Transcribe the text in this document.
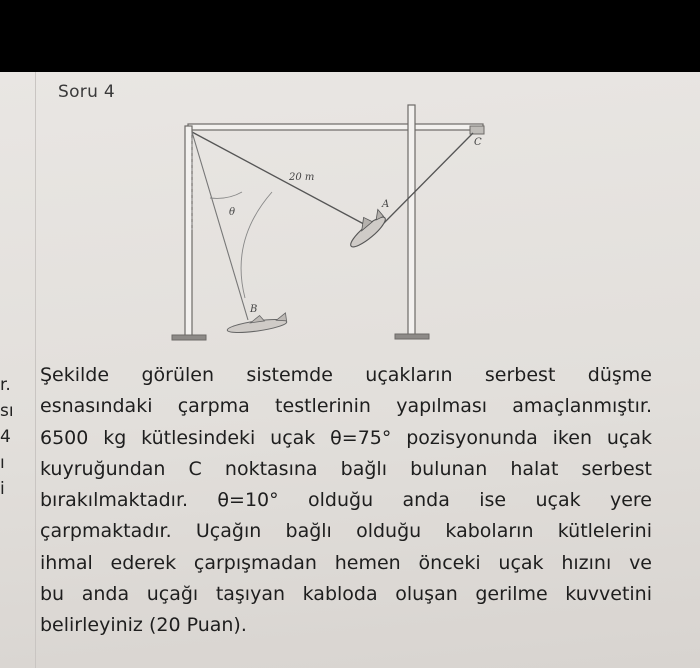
Soru 4
20 m
θ
A
B
C
r.
sı
4
ı
i
Şekilde görülen sistemde uçakların serbest düşme
esnasındaki çarpma testlerinin yapılması amaçlanmıştır.
6500 kg kütlesindeki uçak θ=75° pozisyonunda iken uçak
kuyruğundan C noktasına bağlı bulunan halat serbest
bırakılmaktadır. θ=10° olduğu anda ise uçak yere
çarpmaktadır. Uçağın bağlı olduğu kaboların kütlelerini
ihmal ederek çarpışmadan hemen önceki uçak hızını ve
bu anda uçağı taşıyan kabloda oluşan gerilme kuvvetini
belirleyiniz (20 Puan).
